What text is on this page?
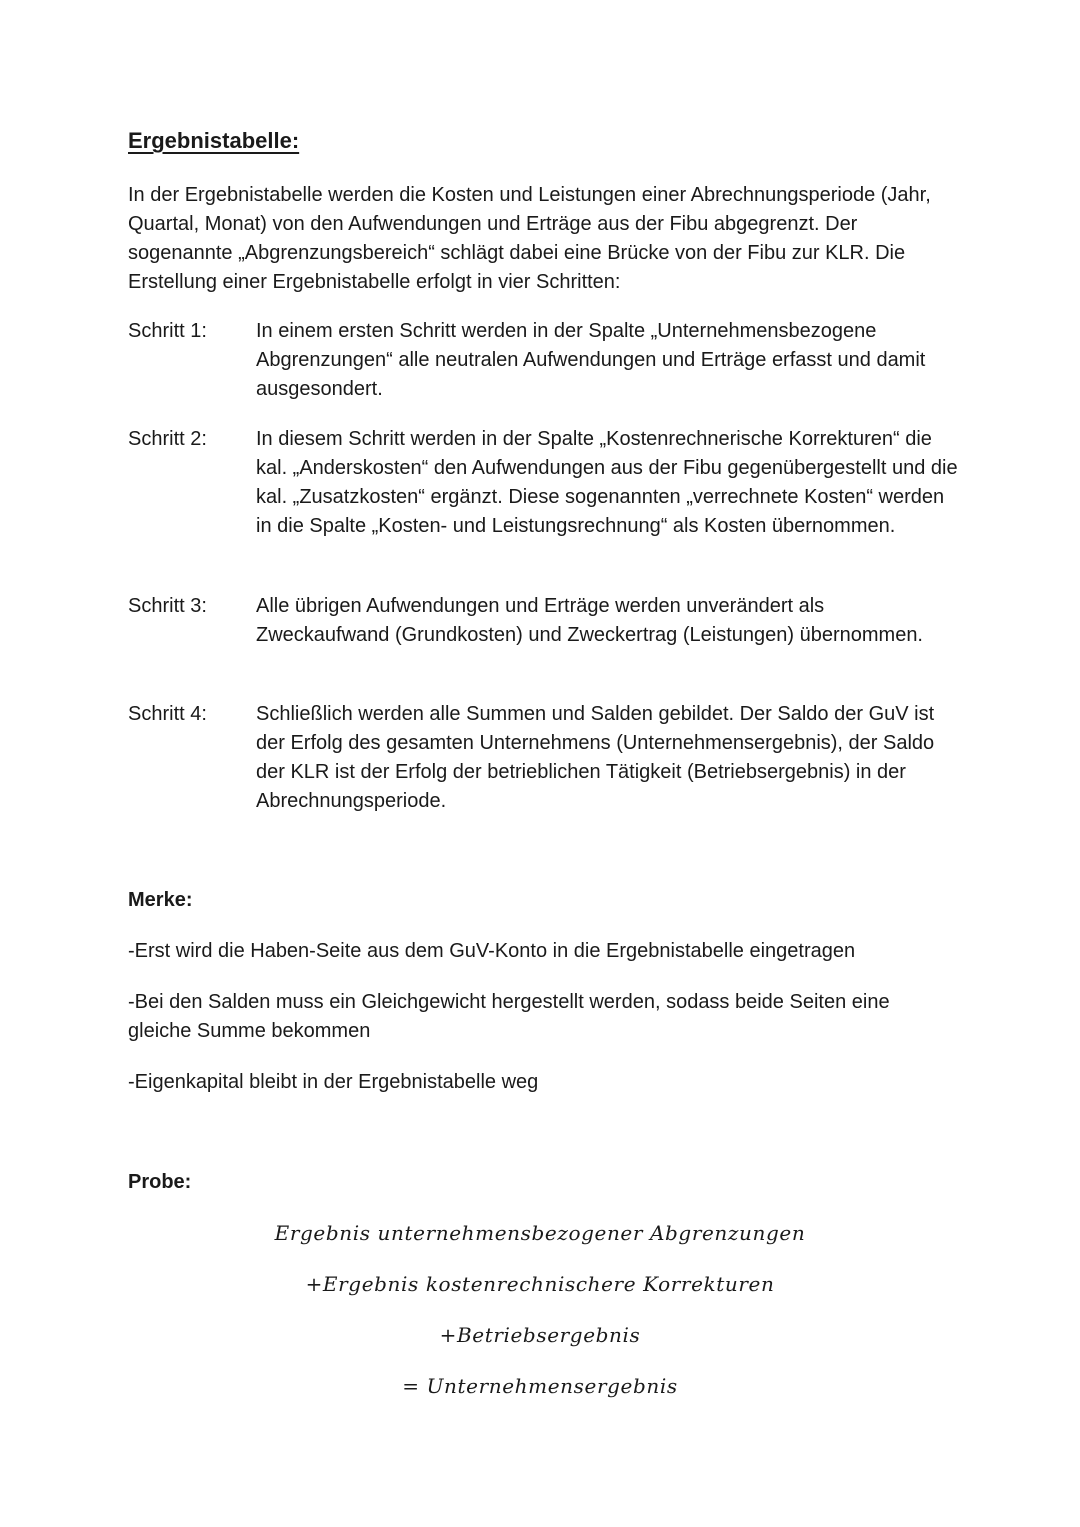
Ergebnistabelle:

In der Ergebnistabelle werden die Kosten und Leistungen einer Abrechnungsperiode (Jahr, Quartal, Monat) von den Aufwendungen und Erträge aus der Fibu abgegrenzt. Der sogenannte „Abgrenzungsbereich“ schlägt dabei eine Brücke von der Fibu zur KLR. Die Erstellung einer Ergebnistabelle erfolgt in vier Schritten:

Schritt 1:	In einem ersten Schritt werden in der Spalte „Unternehmensbezogene Abgrenzungen“ alle neutralen Aufwendungen und Erträge erfasst und damit ausgesondert.

Schritt 2:	In diesem Schritt werden in der Spalte „Kostenrechnerische Korrekturen“ die kal. „Anderskosten“ den Aufwendungen aus der Fibu gegenübergestellt und die kal. „Zusatzkosten“ ergänzt. Diese sogenannten „verrechnete Kosten“ werden in die Spalte „Kosten- und Leistungsrechnung“ als Kosten übernommen.

Schritt 3:	Alle übrigen Aufwendungen und Erträge werden unverändert als Zweckaufwand (Grundkosten) und Zweckertrag (Leistungen) übernommen.

Schritt 4:	Schließlich werden alle Summen und Salden gebildet. Der Saldo der GuV ist der Erfolg des gesamten Unternehmens (Unternehmensergebnis), der Saldo der KLR ist der Erfolg der betrieblichen Tätigkeit (Betriebsergebnis) in der Abrechnungsperiode.

Merke:

-Erst wird die Haben-Seite aus dem GuV-Konto in die Ergebnistabelle eingetragen

-Bei den Salden muss ein Gleichgewicht hergestellt werden, sodass beide Seiten eine gleiche Summe bekommen

-Eigenkapital bleibt in der Ergebnistabelle weg

Probe:

Ergebnis unternehmensbezogener Abgrenzungen

+Ergebnis kostenrechnischere Korrekturen

+Betriebsergebnis

= Unternehmensergebnis
